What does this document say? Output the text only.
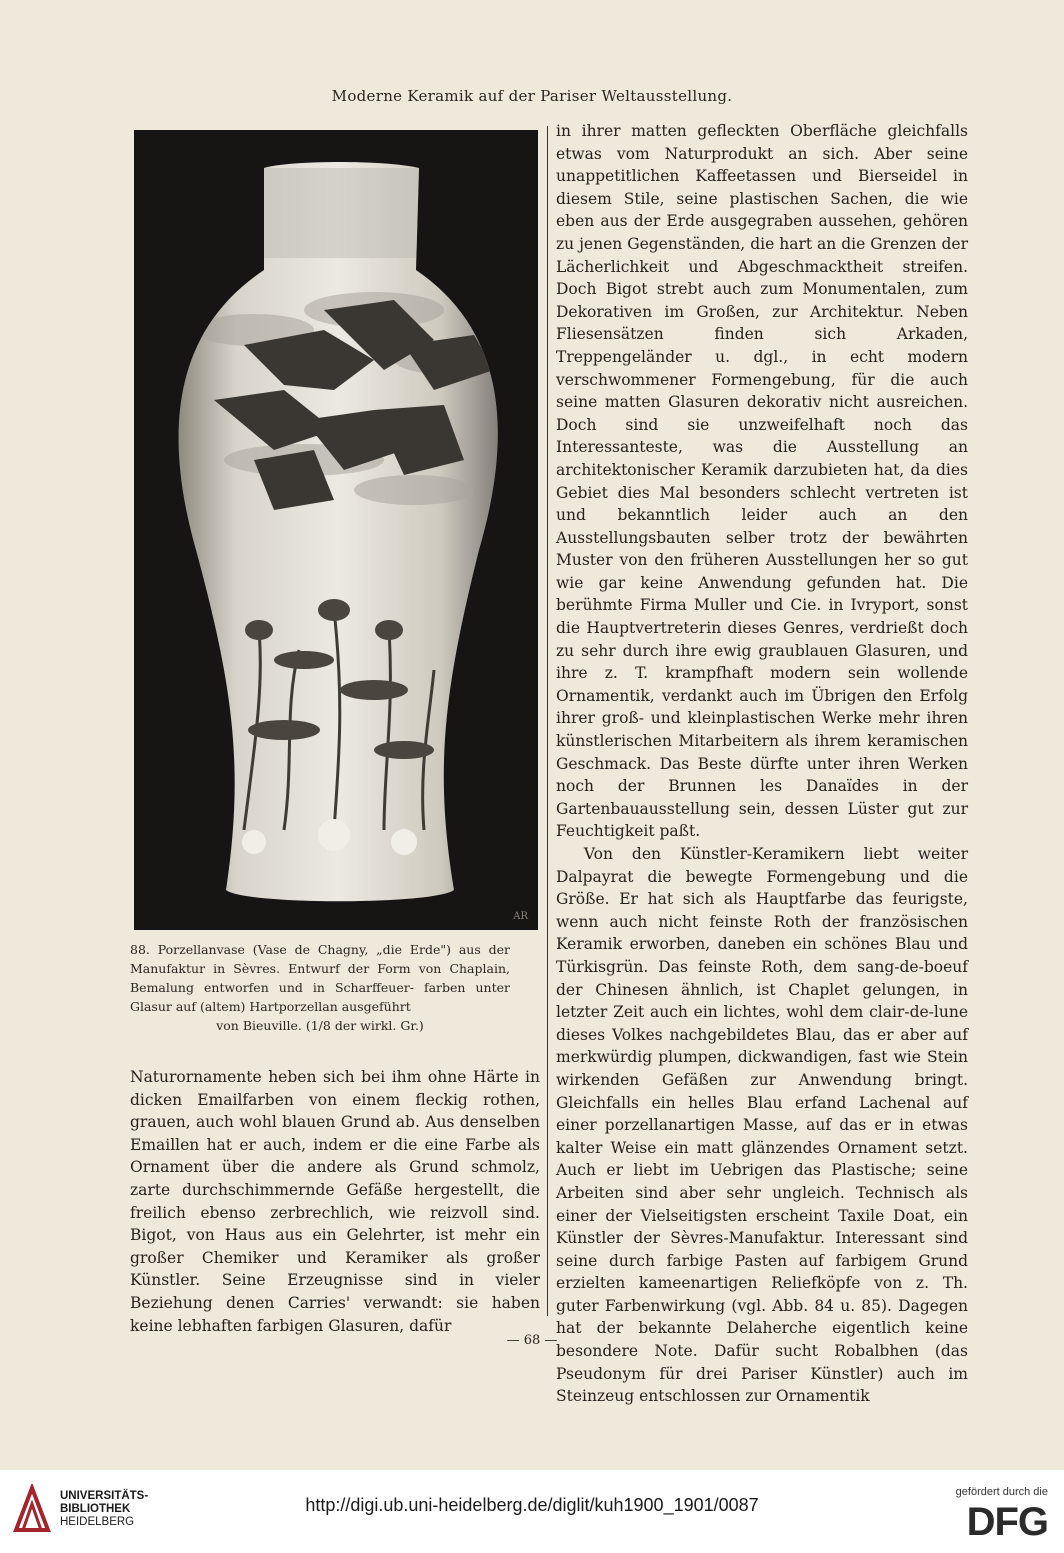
Moderne Keramik auf der Pariser Weltausstellung.
AR
88. Porzellanvase (Vase de Chagny, „die Erde") aus der Manufaktur in Sèvres. Entwurf der Form von Chaplain, Bemalung entworfen und in Scharffeuer- farben unter Glasur auf (altem) Hartporzellan ausgeführt
von Bieuville. (1/8 der wirkl. Gr.)

Naturornamente heben sich bei ihm ohne Härte in dicken Emailfarben von einem fleckig rothen, grauen, auch wohl blauen Grund ab. Aus denselben Emaillen hat er auch, indem er die eine Farbe als Ornament über die andere als Grund schmolz, zarte durchschimmernde Gefäße hergestellt, die freilich ebenso zerbrechlich, wie reizvoll sind. Bigot, von Haus aus ein Gelehrter, ist mehr ein großer Chemiker und Keramiker als großer Künstler. Seine Erzeugnisse sind in vieler Beziehung denen Carries' verwandt: sie haben keine lebhaften farbigen Glasuren, dafür

in ihrer matten gefleckten Oberfläche gleichfalls etwas vom Naturprodukt an sich. Aber seine unappetitlichen Kaffeetassen und Bierseidel in diesem Stile, seine plastischen Sachen, die wie eben aus der Erde ausgegraben aussehen, gehören zu jenen Gegenständen, die hart an die Grenzen der Lächerlichkeit und Abgeschmacktheit streifen. Doch Bigot strebt auch zum Monumentalen, zum Dekorativen im Großen, zur Architektur. Neben Fliesensätzen finden sich Arkaden, Treppengeländer u. dgl., in echt modern verschwommener Formengebung, für die auch seine matten Glasuren dekorativ nicht ausreichen. Doch sind sie unzweifelhaft noch das Interessanteste, was die Ausstellung an architektonischer Keramik darzubieten hat, da dies Gebiet dies Mal besonders schlecht vertreten ist und bekanntlich leider auch an den Ausstellungsbauten selber trotz der bewährten Muster von den früheren Ausstellungen her so gut wie gar keine Anwendung gefunden hat. Die berühmte Firma Muller und Cie. in Ivryport, sonst die Hauptvertreterin dieses Genres, verdrießt doch zu sehr durch ihre ewig graublauen Glasuren, und ihre z. T. krampfhaft modern sein wollende Ornamentik, verdankt auch im Übrigen den Erfolg ihrer groß- und kleinplastischen Werke mehr ihren künstlerischen Mitarbeitern als ihrem keramischen Geschmack. Das Beste dürfte unter ihren Werken noch der Brunnen les Danaïdes in der Gartenbauausstellung sein, dessen Lüster gut zur Feuchtigkeit paßt.

Von den Künstler-Keramikern liebt weiter Dalpayrat die bewegte Formengebung und die Größe. Er hat sich als Hauptfarbe das feurigste, wenn auch nicht feinste Roth der französischen Keramik erworben, daneben ein schönes Blau und Türkisgrün. Das feinste Roth, dem sang-de-boeuf der Chinesen ähnlich, ist Chaplet gelungen, in letzter Zeit auch ein lichtes, wohl dem clair-de-lune dieses Volkes nachgebildetes Blau, das er aber auf merkwürdig plumpen, dickwandigen, fast wie Stein wirkenden Gefäßen zur Anwendung bringt. Gleichfalls ein helles Blau erfand Lachenal auf einer porzellanartigen Masse, auf das er in etwas kalter Weise ein matt glänzendes Ornament setzt. Auch er liebt im Uebrigen das Plastische; seine Arbeiten sind aber sehr ungleich. Technisch als einer der Vielseitigsten erscheint Taxile Doat, ein Künstler der Sèvres-Manufaktur. Interessant sind seine durch farbige Pasten auf farbigem Grund erzielten kameenartigen Reliefköpfe von z. Th. guter Farbenwirkung (vgl. Abb. 84 u. 85). Dagegen hat der bekannte Delaherche eigentlich keine besondere Note. Dafür sucht Robalbhen (das Pseudonym für drei Pariser Künstler) auch im Steinzeug entschlossen zur Ornamentik

— 68 —
UNIVERSITÄTS-
BIBLIOTHEK
HEIDELBERG
http://digi.ub.uni-heidelberg.de/diglit/kuh1900_1901/0087
gefördert durch die
DFG
